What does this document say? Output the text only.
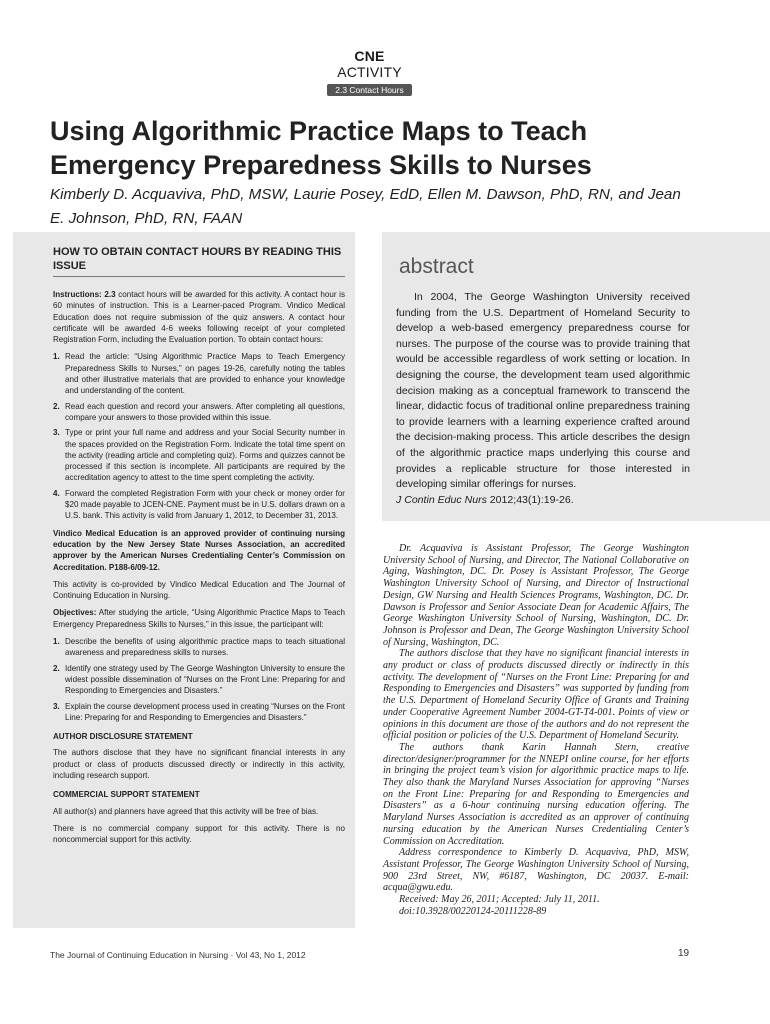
CNE ACTIVITY
2.3 Contact Hours
Using Algorithmic Practice Maps to Teach Emergency Preparedness Skills to Nurses
Kimberly D. Acquaviva, PhD, MSW, Laurie Posey, EdD, Ellen M. Dawson, PhD, RN, and Jean E. Johnson, PhD, RN, FAAN
HOW TO OBTAIN CONTACT HOURS BY READING THIS ISSUE

Instructions: 2.3 contact hours will be awarded for this activity. A contact hour is 60 minutes of instruction. This is a Learner-paced Program. Vindico Medical Education does not require submission of the quiz answers. A contact hour certificate will be awarded 4-6 weeks following receipt of your completed Registration Form, including the Evaluation portion. To obtain contact hours:

1. Read the article: “Using Algorithmic Practice Maps to Teach Emergency Preparedness Skills to Nurses,” on pages 19-26, carefully noting the tables and other illustrative materials that are provided to enhance your knowledge and understanding of the content.
2. Read each question and record your answers. After completing all questions, compare your answers to those provided within this issue.
3. Type or print your full name and address and your Social Security number in the spaces provided on the Registration Form. Indicate the total time spent on the activity (reading article and completing quiz). Forms and quizzes cannot be processed if this section is incomplete. All participants are required by the accreditation agency to attest to the time spent completing the activity.
4. Forward the completed Registration Form with your check or money order for $20 made payable to JCEN-CNE. Payment must be in U.S. dollars drawn on a U.S. bank. This activity is valid from January 1, 2012, to December 31, 2013.

Vindico Medical Education is an approved provider of continuing nursing education by the New Jersey State Nurses Association, an accredited approver by the American Nurses Credentialing Center’s Commission on Accreditation. P188-6/09-12.

This activity is co-provided by Vindico Medical Education and The Journal of Continuing Education in Nursing.

Objectives: After studying the article, “Using Algorithmic Practice Maps to Teach Emergency Preparedness Skills to Nurses,” in this issue, the participant will:

1. Describe the benefits of using algorithmic practice maps to teach situational awareness and preparedness skills to nurses.
2. Identify one strategy used by The George Washington University to ensure the widest possible dissemination of “Nurses on the Front Line: Preparing for and Responding to Emergencies and Disasters.”
3. Explain the course development process used in creating “Nurses on the Front Line: Preparing for and Responding to Emergencies and Disasters.”
AUTHOR DISCLOSURE STATEMENT

The authors disclose that they have no significant financial interests in any product or class of products discussed directly or indirectly in this activity, including research support.

COMMERCIAL SUPPORT STATEMENT

All author(s) and planners have agreed that this activity will be free of bias.

There is no commercial company support for this activity. There is no noncommercial support for this activity.

abstract
In 2004, The George Washington University received funding from the U.S. Department of Homeland Security to develop a web-based emergency preparedness course for nurses. The purpose of the course was to provide training that would be accessible regardless of work setting or location. In designing the course, the development team used algorithmic decision making as a conceptual framework to transcend the linear, didactic focus of traditional online preparedness training to provide learners with a learning experience crafted around the decision-making process. This article describes the design of the algorithmic practice maps underlying this course and provides a replicable structure for those interested in developing similar offerings for nurses.
J Contin Educ Nurs 2012;43(1):19-26.

Dr. Acquaviva is Assistant Professor, The George Washington University School of Nursing, and Director, The National Collaborative on Aging, Washington, DC. Dr. Posey is Assistant Professor, The George Washington University School of Nursing, and Director of Instructional Design, GW Nursing and Health Sciences Programs, Washington, DC. Dr. Dawson is Professor and Senior Associate Dean for Academic Affairs, The George Washington University School of Nursing, Washington, DC. Dr. Johnson is Professor and Dean, The George Washington University School of Nursing, Washington, DC.

The authors disclose that they have no significant financial interests in any product or class of products discussed directly or indirectly in this activity. The development of “Nurses on the Front Line: Preparing for and Responding to Emergencies and Disasters” was supported by funding from the U.S. Department of Homeland Security Office of Grants and Training under Cooperative Agreement Number 2004-GT-T4-001. Points of view or opinions in this document are those of the authors and do not represent the official position or policies of the U.S. Department of Homeland Security.

The authors thank Karin Hannah Stern, creative director/designer/programmer for the NNEPI online course, for her efforts in bringing the project team’s vision for algorithmic practice maps to life. They also thank the Maryland Nurses Association for approving “Nurses on the Front Line: Preparing for and Responding to Emergencies and Disasters” as a 6-hour continuing nursing education offering. The Maryland Nurses Association is accredited as an approver of continuing nursing education by the American Nurses Credentialing Center’s Commission on Accreditation.

Address correspondence to Kimberly D. Acquaviva, PhD, MSW, Assistant Professor, The George Washington University School of Nursing, 900 23rd Street, NW, #6187, Washington, DC 20037. E-mail: acqua@gwu.edu.

Received: May 26, 2011; Accepted: July 11, 2011.

doi:10.3928/00220124-20111228-89

The Journal of Continuing Education in Nursing · Vol 43, No 1, 2012	19
